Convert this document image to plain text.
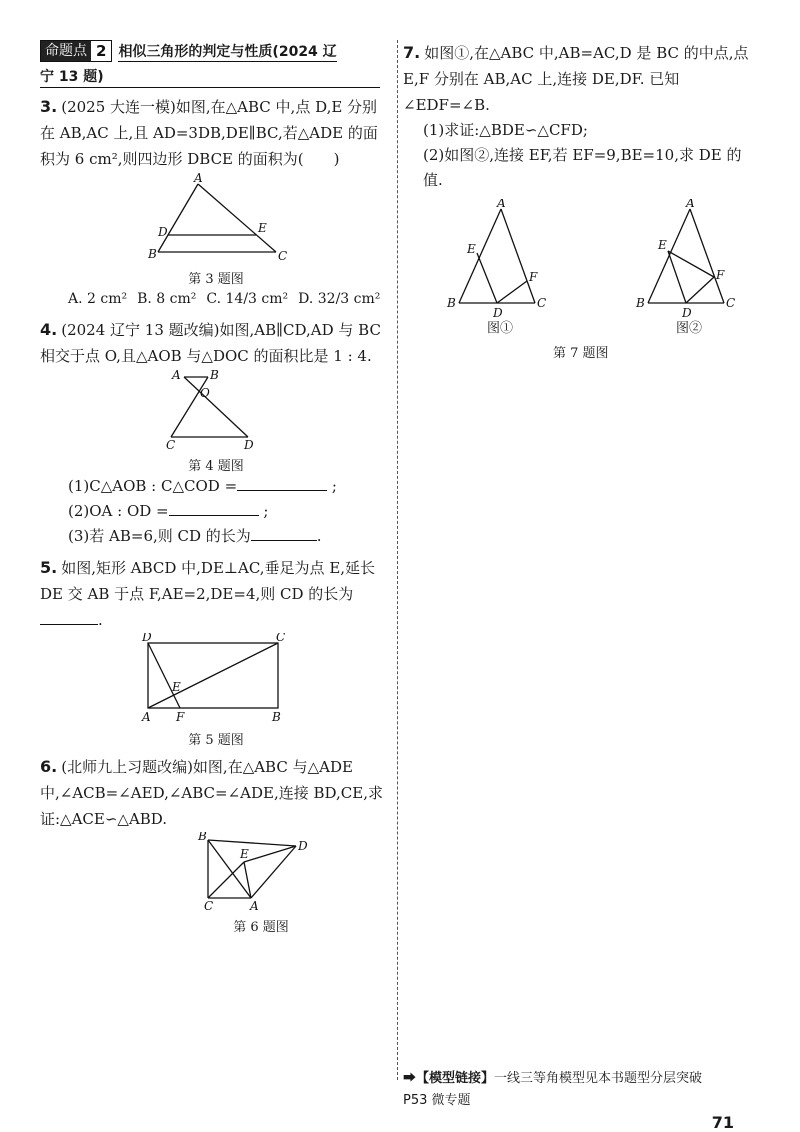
命题点 2 相似三角形的判定与性质(2024 辽
宁 13 题)
3. (2025 大连一模)如图,在△ABC 中,点 D,E 分别在 AB,AC 上,且 AD=3DB,DE∥BC,若△ADE 的面积为 6 cm²,则四边形 DBCE 的面积为(　　)
A
B	C
D	E
第 3 题图
A. 2 cm² B. 8 cm² C. 14/3 cm² D. 32/3 cm²
4. (2024 辽宁 13 题改编)如图,AB∥CD,AD 与 BC 相交于点 O,且△AOB 与△DOC 的面积比是 1 : 4.
A B
O
C	D
第 4 题图
(1)C△AOB : C△COD =	;
(2)OA : OD =	;
(3)若 AB=6,则 CD 的长为	.
5. 如图,矩形 ABCD 中,DE⊥AC,垂足为点 E,延长 DE 交 AB 于点 F,AE=2,DE=4,则 CD 的长为.
D	C
E
A F	B
第 5 题图
6. (北师九上习题改编)如图,在△ABC 与△ADE 中,∠ACB=∠AED,∠ABC=∠ADE,连接 BD,CE,求证:△ACE∽△ABD.
B
D
E
C	A
第 6 题图
7. 如图①,在△ABC 中,AB=AC,D 是 BC 的中点,点 E,F 分别在 AB,AC 上,连接 DE,DF. 已知∠EDF=∠B.
(1)求证:△BDE∽△CFD;
(2)如图②,连接 EF,若 EF=9,BE=10,求 DE 的值.
A
E
F
B
D
C
图①
A
E
F
B
D
C
图②
第 7 题图
⮕【模型链接】一线三等角模型见本书题型分层突破
P53 微专题
71
